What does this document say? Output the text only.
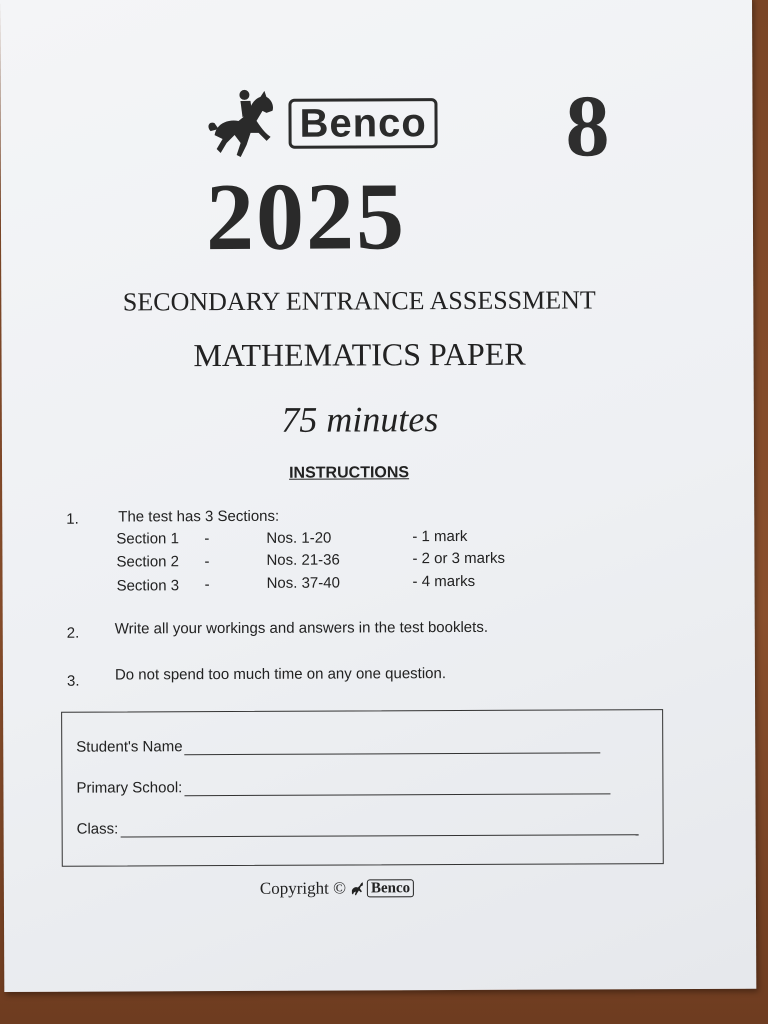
Benco 8
2025
SECONDARY ENTRANCE ASSESSMENT
MATHEMATICS PAPER
75 minutes
INSTRUCTIONS
1.	The test has 3 Sections:
Section 1 -	Nos. 1-20	- 1 mark
Section 2 -	Nos. 21-36	- 2 or 3 marks
Section 3 -	Nos. 37-40	- 4 marks
2. Write all your workings and answers in the test booklets.
3. Do not spend too much time on any one question.
Student's Name
Primary School:
Class:
Copyright © Benco
